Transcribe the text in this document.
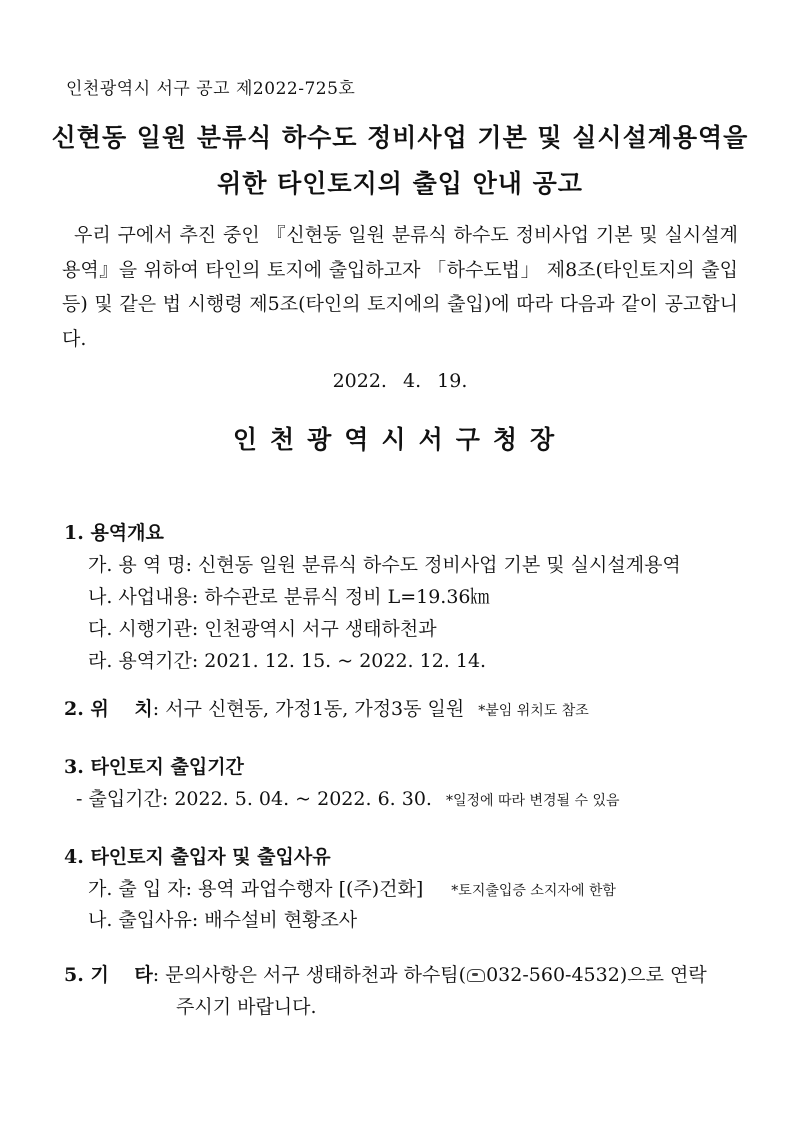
인천광역시 서구 공고 제2022-725호
신현동 일원 분류식 하수도 정비사업 기본 및 실시설계용역을
위한 타인토지의 출입 안내 공고
우리 구에서 추진 중인 『신현동 일원 분류식 하수도 정비사업 기본 및 실시설계용역』을 위하여 타인의 토지에 출입하고자 「하수도법」 제8조(타인토지의 출입 등) 및 같은 법 시행령 제5조(타인의 토지에의 출입)에 따라 다음과 같이 공고합니다.
2022. 4. 19.
인천광역시서구청장
1. 용역개요
가. 용 역 명: 신현동 일원 분류식 하수도 정비사업 기본 및 실시설계용역
나. 사업내용: 하수관로 분류식 정비 L=19.36㎞
다. 시행기관: 인천광역시 서구 생태하천과
라. 용역기간: 2021. 12. 15. ~ 2022. 12. 14.
2. 위　 치: 서구 신현동, 가정1동, 가정3동 일원 *붙임 위치도 참조
3. 타인토지 출입기간
- 출입기간: 2022. 5. 04. ~ 2022. 6. 30. *일정에 따라 변경될 수 있음
4. 타인토지 출입자 및 출입사유
가. 출 입 자: 용역 과업수행자 [(주)건화] *토지출입증 소지자에 한함
나. 출입사유: 배수설비 현황조사
5. 기　 타: 문의사항은 서구 생태하천과 하수팀( 032-560-4532)으로 연락
주시기 바랍니다.
